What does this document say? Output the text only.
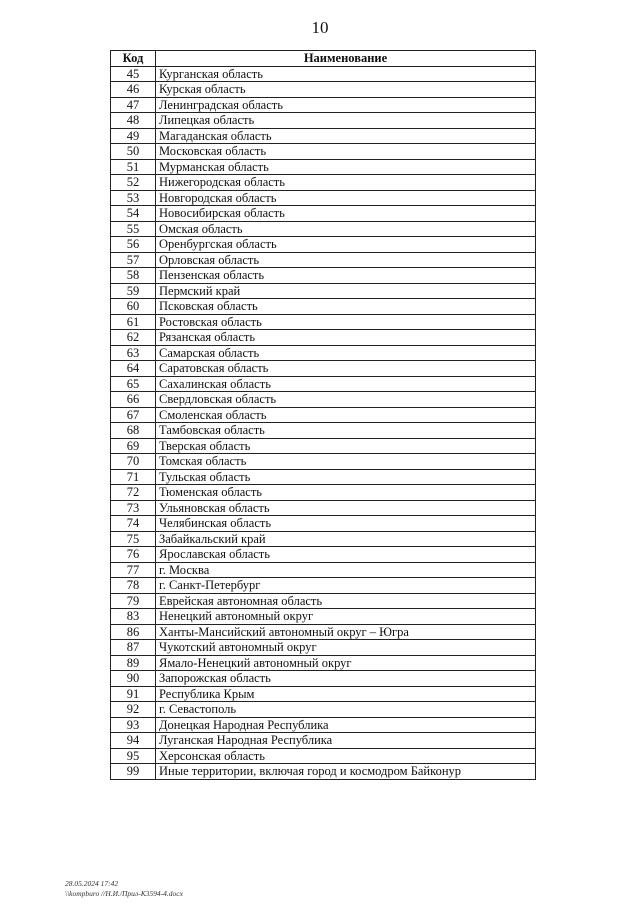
10
Код	Наименование
45	Курганская область
46	Курская область
47	Ленинградская область
48	Липецкая область
49	Магаданская область
50	Московская область
51	Мурманская область
52	Нижегородская область
53	Новгородская область
54	Новосибирская область
55	Омская область
56	Оренбургская область
57	Орловская область
58	Пензенская область
59	Пермский край
60	Псковская область
61	Ростовская область
62	Рязанская область
63	Самарская область
64	Саратовская область
65	Сахалинская область
66	Свердловская область
67	Смоленская область
68	Тамбовская область
69	Тверская область
70	Томская область
71	Тульская область
72	Тюменская область
73	Ульяновская область
74	Челябинская область
75	Забайкальский край
76	Ярославская область
77	г. Москва
78	г. Санкт-Петербург
79	Еврейская автономная область
83	Ненецкий автономный округ
86	Ханты-Мансийский автономный округ – Югра
87	Чукотский автономный округ
89	Ямало-Ненецкий автономный округ
90	Запорожская область
91	Республика Крым
92	г. Севастополь
93	Донецкая Народная Республика
94	Луганская Народная Республика
95	Херсонская область
99	Иные территории, включая город и космодром Байконур
28.05.2024 17:42
\\kompburo //Н.И./Прил-К3594-4.docx
